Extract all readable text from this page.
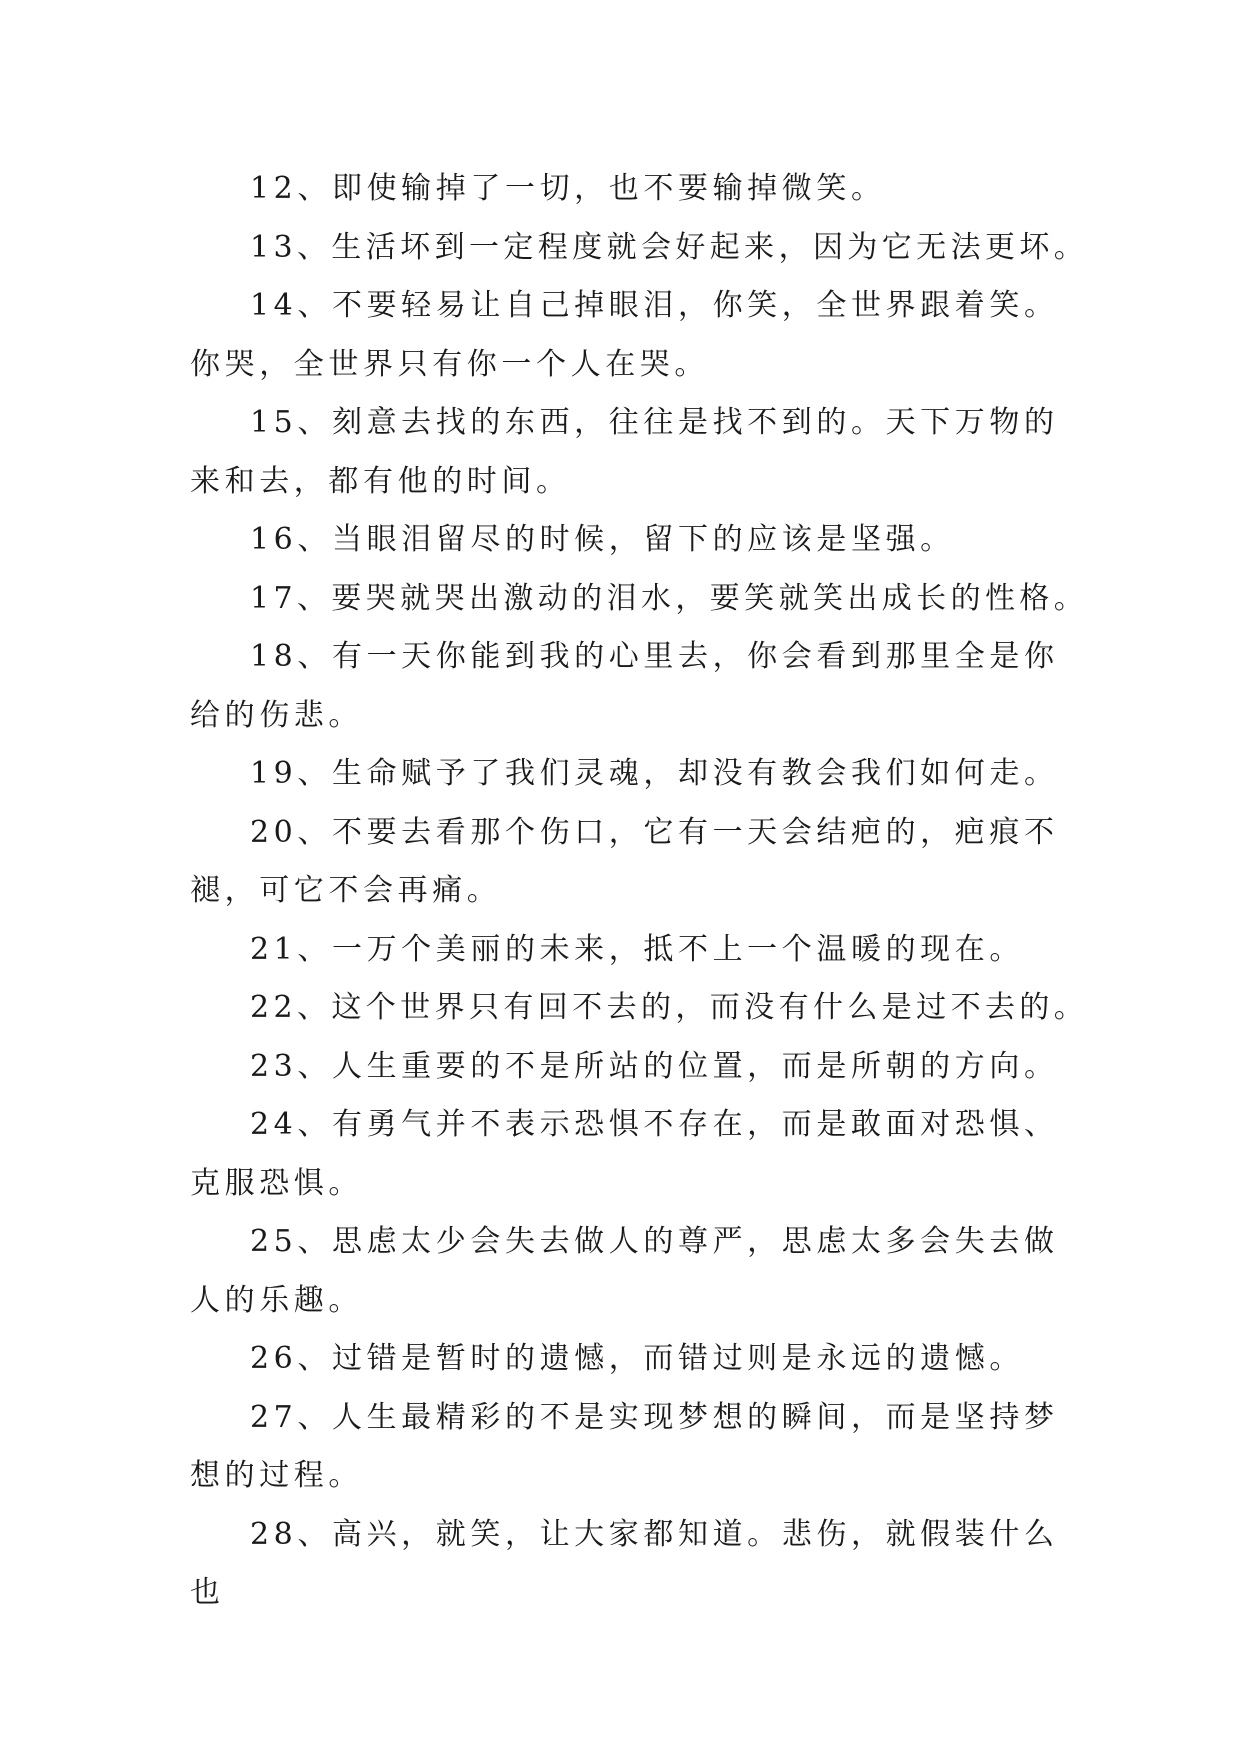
12、即使输掉了一切，也不要输掉微笑。

13、生活坏到一定程度就会好起来，因为它无法更坏。

14、不要轻易让自己掉眼泪，你笑，全世界跟着笑。你哭，全世界只有你一个人在哭。

15、刻意去找的东西，往往是找不到的。天下万物的来和去，都有他的时间。

16、当眼泪留尽的时候，留下的应该是坚强。

17、要哭就哭出激动的泪水，要笑就笑出成长的性格。

18、有一天你能到我的心里去，你会看到那里全是你给的伤悲。

19、生命赋予了我们灵魂，却没有教会我们如何走。

20、不要去看那个伤口，它有一天会结疤的，疤痕不褪，可它不会再痛。

21、一万个美丽的未来，抵不上一个温暖的现在。

22、这个世界只有回不去的，而没有什么是过不去的。

23、人生重要的不是所站的位置，而是所朝的方向。

24、有勇气并不表示恐惧不存在，而是敢面对恐惧、克服恐惧。

25、思虑太少会失去做人的尊严，思虑太多会失去做人的乐趣。

26、过错是暂时的遗憾，而错过则是永远的遗憾。

27、人生最精彩的不是实现梦想的瞬间，而是坚持梦想的过程。

28、高兴，就笑，让大家都知道。悲伤，就假装什么也
